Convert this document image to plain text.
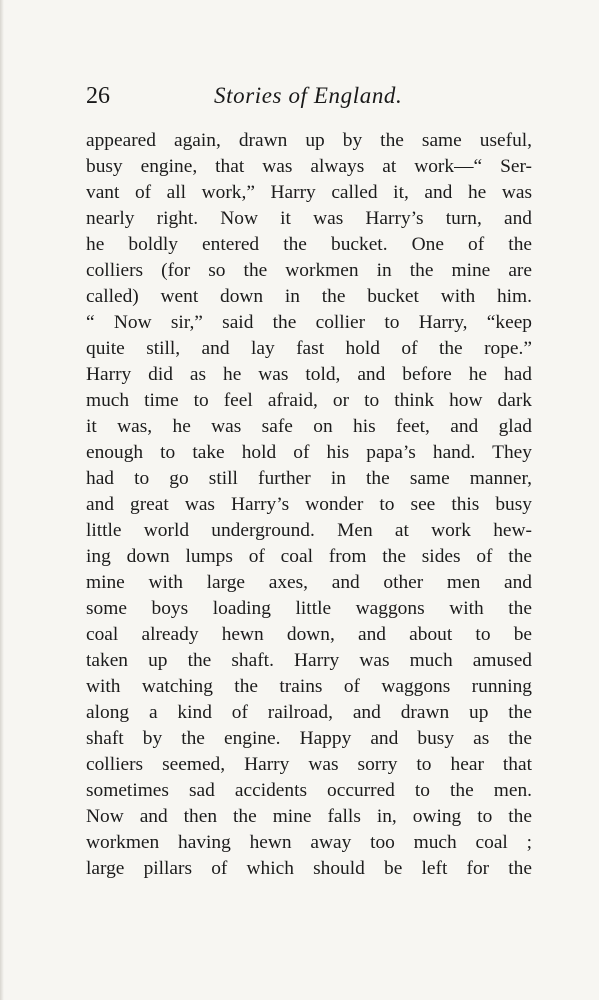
26	Stories of England.
appeared again, drawn up by the same useful,
busy engine, that was always at work—“ Ser-
vant of all work,” Harry called it, and he was
nearly right. Now it was Harry’s turn, and
he boldly entered the bucket. One of the
colliers (for so the workmen in the mine are
called) went down in the bucket with him.
“ Now sir,” said the collier to Harry, “keep
quite still, and lay fast hold of the rope.”
Harry did as he was told, and before he had
much time to feel afraid, or to think how dark
it was, he was safe on his feet, and glad
enough to take hold of his papa’s hand. They
had to go still further in the same manner,
and great was Harry’s wonder to see this busy
little world underground. Men at work hew-
ing down lumps of coal from the sides of the
mine with large axes, and other men and
some boys loading little waggons with the
coal already hewn down, and about to be
taken up the shaft. Harry was much amused
with watching the trains of waggons running
along a kind of railroad, and drawn up the
shaft by the engine. Happy and busy as the
colliers seemed, Harry was sorry to hear that
sometimes sad accidents occurred to the men.
Now and then the mine falls in, owing to the
workmen having hewn away too much coal ;
large pillars of which should be left for the
